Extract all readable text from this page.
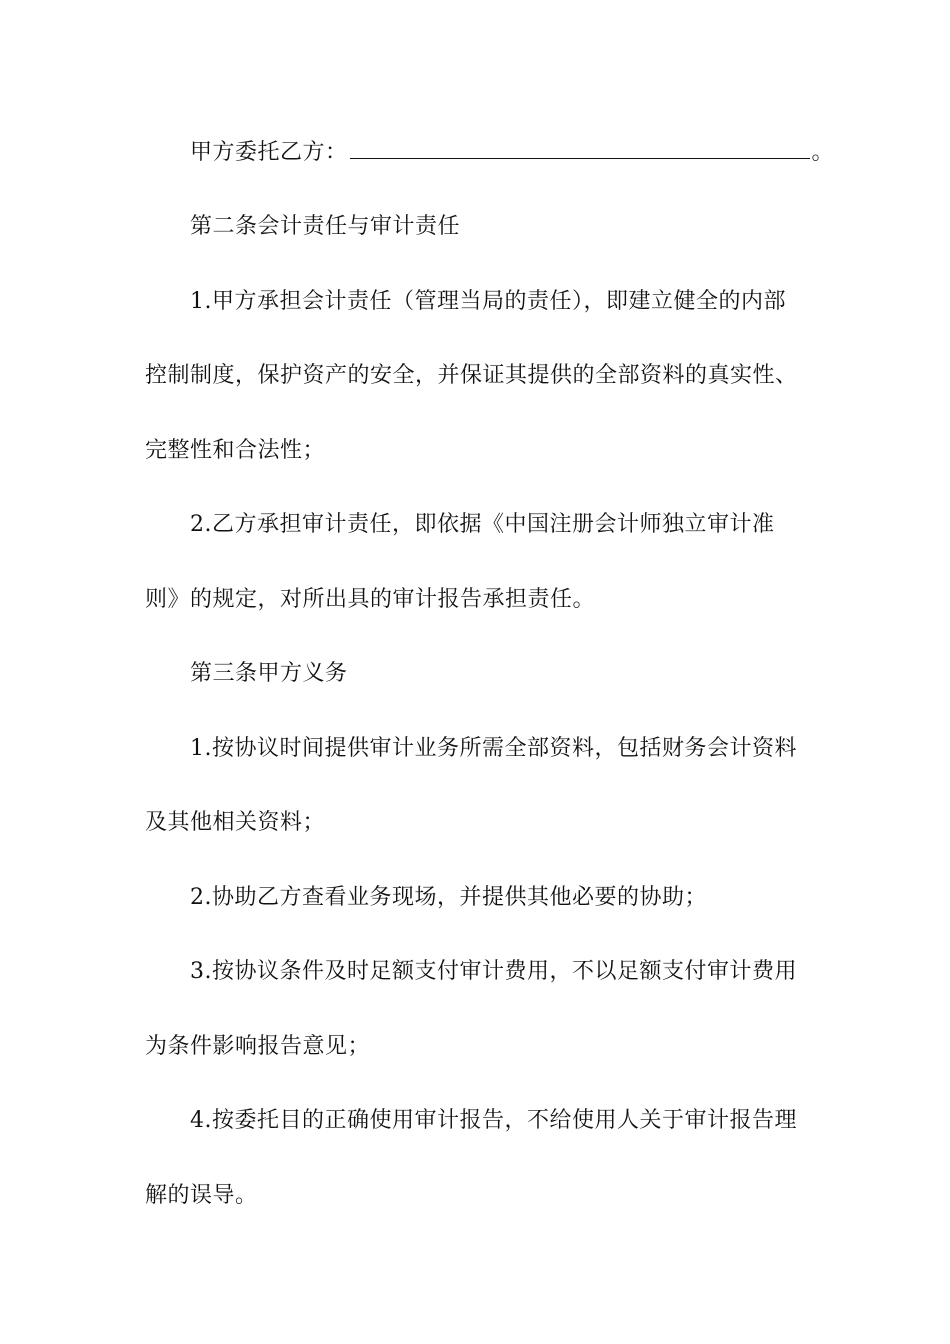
甲方委托乙方：	。
第二条会计责任与审计责任
1.甲方承担会计责任（管理当局的责任），即建立健全的内部
控制制度，保护资产的安全，并保证其提供的全部资料的真实性、
完整性和合法性；
2.乙方承担审计责任，即依据《中国注册会计师独立审计准
则》的规定，对所出具的审计报告承担责任。
第三条甲方义务
1.按协议时间提供审计业务所需全部资料，包括财务会计资料
及其他相关资料；
2.协助乙方查看业务现场，并提供其他必要的协助；
3.按协议条件及时足额支付审计费用，不以足额支付审计费用
为条件影响报告意见；
4.按委托目的正确使用审计报告，不给使用人关于审计报告理
解的误导。
